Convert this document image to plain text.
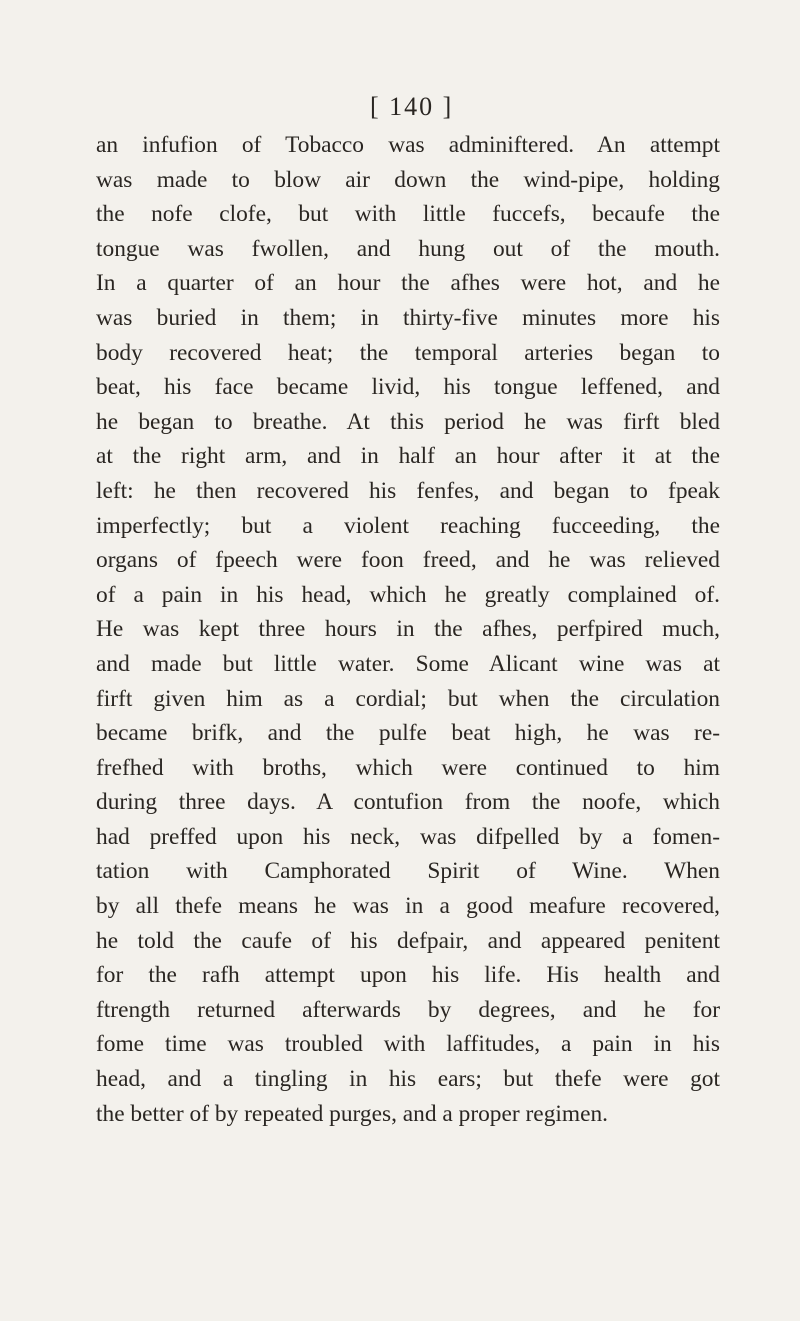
[ 140 ]
an infufion of Tobacco was adminiftered. An attempt
was made to blow air down the wind-pipe, holding
the nofe clofe, but with little fuccefs, becaufe the
tongue was fwollen, and hung out of the mouth.
In a quarter of an hour the afhes were hot, and he
was buried in them; in thirty-five minutes more his
body recovered heat; the temporal arteries began to
beat, his face became livid, his tongue leffened, and
he began to breathe. At this period he was firft bled
at the right arm, and in half an hour after it at the
left: he then recovered his fenfes, and began to fpeak
imperfectly; but a violent reaching fucceeding, the
organs of fpeech were foon freed, and he was relieved
of a pain in his head, which he greatly complained of.
He was kept three hours in the afhes, perfpired much,
and made but little water. Some Alicant wine was at
firft given him as a cordial; but when the circulation
became brifk, and the pulfe beat high, he was re-
frefhed with broths, which were continued to him
during three days. A contufion from the noofe, which
had preffed upon his neck, was difpelled by a fomen-
tation with Camphorated Spirit of Wine. When
by all thefe means he was in a good meafure recovered,
he told the caufe of his defpair, and appeared penitent
for the rafh attempt upon his life. His health and
ftrength returned afterwards by degrees, and he for
fome time was troubled with laffitudes, a pain in his
head, and a tingling in his ears; but thefe were got
the better of by repeated purges, and a proper regimen.
